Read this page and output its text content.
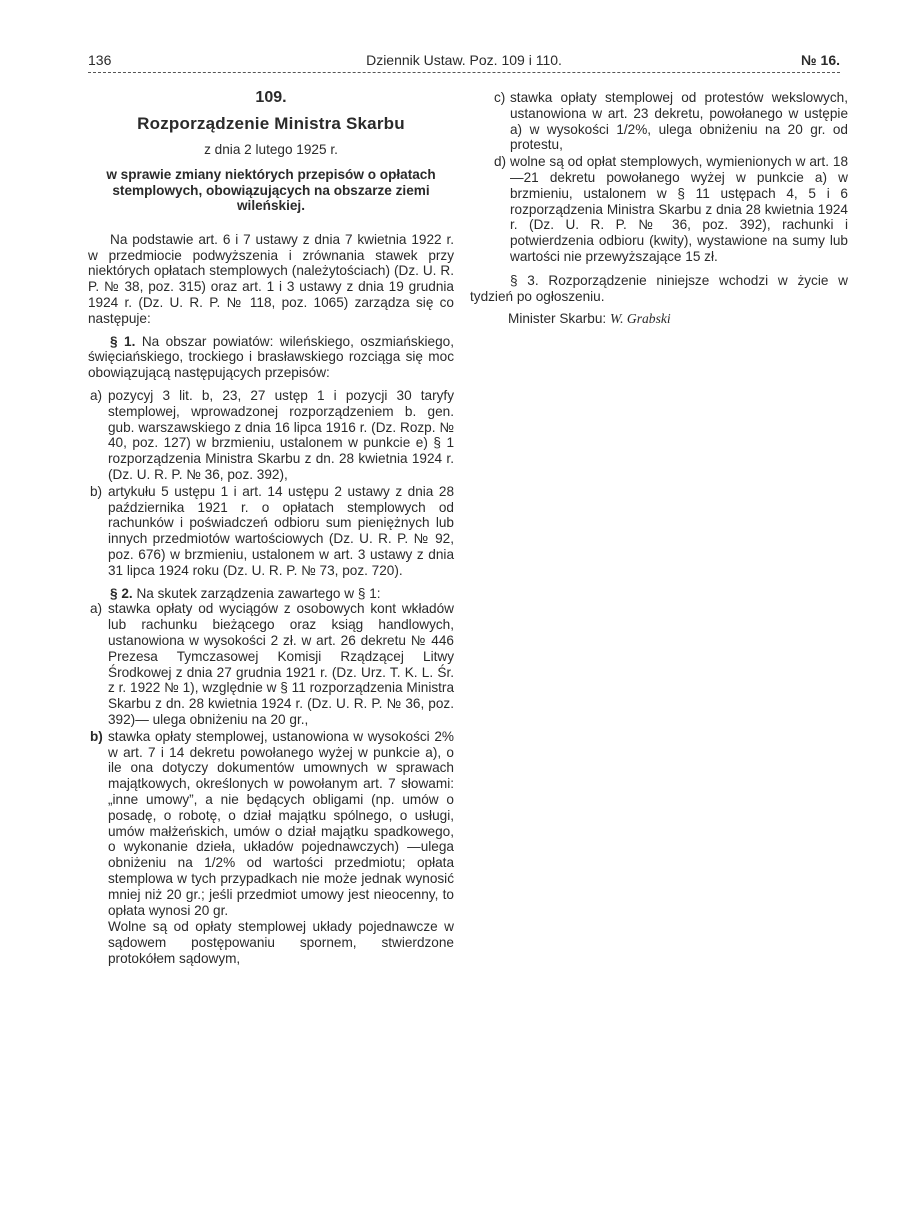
136	Dziennik Ustaw. Poz. 109 i 110.	№ 16.
109.
Rozporządzenie Ministra Skarbu
z dnia 2 lutego 1925 r.
w sprawie zmiany niektórych przepisów o opłatach stemplowych, obowiązujących na obszarze ziemi wileńskiej.

Na podstawie art. 6 i 7 ustawy z dnia 7 kwietnia 1922 r. w przedmiocie podwyższenia i zrównania stawek przy niektórych opłatach stemplowych (należytościach) (Dz. U. R. P. № 38, poz. 315) oraz art. 1 i 3 ustawy z dnia 19 grudnia 1924 r. (Dz. U. R. P. № 118, poz. 1065) zarządza się co następuje:

§ 1. Na obszar powiatów: wileńskiego, oszmiańskiego, święciańskiego, trockiego i brasławskiego rozciąga się moc obowiązującą następujących przepisów:

a) pozycyj 3 lit. b, 23, 27 ustęp 1 i pozycji 30 taryfy stemplowej, wprowadzonej rozporządzeniem b. gen. gub. warszawskiego z dnia 16 lipca 1916 r. (Dz. Rozp. № 40, poz. 127) w brzmieniu, ustalonem w punkcie e) § 1 rozporządzenia Ministra Skarbu z dn. 28 kwietnia 1924 r. (Dz. U. R. P. № 36, poz. 392),
b) artykułu 5 ustępu 1 i art. 14 ustępu 2 ustawy z dnia 28 października 1921 r. o opłatach stemplowych od rachunków i poświadczeń odbioru sum pieniężnych lub innych przedmiotów wartościowych (Dz. U. R. P. № 92, poz. 676) w brzmieniu, ustalonem w art. 3 ustawy z dnia 31 lipca 1924 roku (Dz. U. R. P. № 73, poz. 720).

§ 2. Na skutek zarządzenia zawartego w § 1:

a) stawka opłaty od wyciągów z osobowych kont wkładów lub rachunku bieżącego oraz ksiąg handlowych, ustanowiona w wysokości 2 zł. w art. 26 dekretu № 446 Prezesa Tymczasowej Komisji Rządzącej Litwy Środkowej z dnia 27 grudnia 1921 r. (Dz. Urz. T. K. L. Śr. z r. 1922 № 1), względnie w § 11 rozporządzenia Ministra Skarbu z dn. 28 kwietnia 1924 r. (Dz. U. R. P. № 36, poz. 392)— ulega obniżeniu na 20 gr.,
b) stawka opłaty stemplowej, ustanowiona w wysokości 2% w art. 7 i 14 dekretu powołanego wyżej w punkcie a), o ile ona dotyczy dokumentów umownych w sprawach majątkowych, określonych w powołanym art. 7 słowami: „inne umowy”, a nie będących obligami (np. umów o posadę, o robotę, o dział majątku spólnego, o usługi, umów małżeńskich, umów o dział majątku spadkowego, o wykonanie dzieła, układów pojednawczych) —ulega obniżeniu na 1/2% od wartości przedmiotu; opłata stemplowa w tych przypadkach nie może jednak wynosić mniej niż 20 gr.; jeśli przedmiot umowy jest nieocenny, to opłata wynosi 20 gr.

Wolne są od opłaty stemplowej układy pojednawcze w sądowem postępowaniu spornem, stwierdzone protokółem sądowym,

c) stawka opłaty stemplowej od protestów wekslowych, ustanowiona w art. 23 dekretu, powołanego w ustępie a) w wysokości 1/2%, ulega obniżeniu na 20 gr. od protestu,
d) wolne są od opłat stemplowych, wymienionych w art. 18—21 dekretu powołanego wyżej w punkcie a) w brzmieniu, ustalonem w § 11 ustępach 4, 5 i 6 rozporządzenia Ministra Skarbu z dnia 28 kwietnia 1924 r. (Dz. U. R. P. № 36, poz. 392), rachunki i potwierdzenia odbioru (kwity), wystawione na sumy lub wartości nie przewyższające 15 zł.

§ 3. Rozporządzenie niniejsze wchodzi w życie w tydzień po ogłoszeniu.

Minister Skarbu: W. Grabski
